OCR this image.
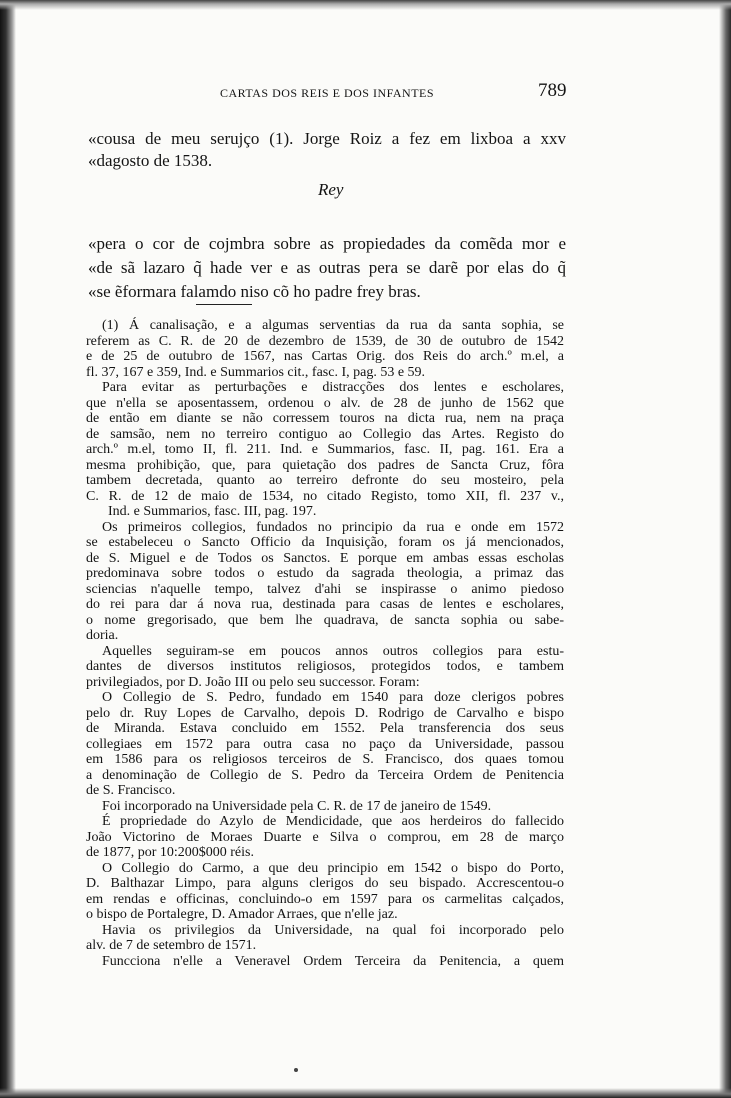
CARTAS DOS REIS E DOS INFANTES	789
«cousa de meu serujço (1). Jorge Roiz a fez em lixboa a xxv
«dagosto de 1538.
Rey
«pera o cor de cojmbra sobre as propiedades da comẽda mor e
«de sã lazaro q̃ hade ver e as outras pera se darẽ por elas do q̃
«se ẽformara falamdo niso cõ ho padre frey bras.
(1) Á canalisação, e a algumas serventias da rua da santa sophia, se
referem as C. R. de 20 de dezembro de 1539, de 30 de outubro de 1542
e de 25 de outubro de 1567, nas Cartas Orig. dos Reis do arch.º m.el, a
fl. 37, 167 e 359, Ind. e Summarios cit., fasc. I, pag. 53 e 59.
Para evitar as perturbações e distracções dos lentes e escholares,
que n'ella se aposentassem, ordenou o alv. de 28 de junho de 1562 que
de então em diante se não corressem touros na dicta rua, nem na praça
de samsão, nem no terreiro contiguo ao Collegio das Artes. Registo do
arch.º m.el, tomo II, fl. 211. Ind. e Summarios, fasc. II, pag. 161. Era a
mesma prohibição, que, para quietação dos padres de Sancta Cruz, fôra
tambem decretada, quanto ao terreiro defronte do seu mosteiro, pela
C. R. de 12 de maio de 1534, no citado Registo, tomo XII, fl. 237 v.,
Ind. e Summarios, fasc. III, pag. 197.
Os primeiros collegios, fundados no principio da rua e onde em 1572
se estabeleceu o Sancto Officio da Inquisição, foram os já mencionados,
de S. Miguel e de Todos os Sanctos. E porque em ambas essas escholas
predominava sobre todos o estudo da sagrada theologia, a primaz das
sciencias n'aquelle tempo, talvez d'ahi se inspirasse o animo piedoso
do rei para dar á nova rua, destinada para casas de lentes e escholares,
o nome gregorisado, que bem lhe quadrava, de sancta sophia ou sabe-
doria.
Aquelles seguiram-se em poucos annos outros collegios para estu-
dantes de diversos institutos religiosos, protegidos todos, e tambem
privilegiados, por D. João III ou pelo seu successor. Foram:
O Collegio de S. Pedro, fundado em 1540 para doze clerigos pobres
pelo dr. Ruy Lopes de Carvalho, depois D. Rodrigo de Carvalho e bispo
de Miranda. Estava concluido em 1552. Pela transferencia dos seus
collegiaes em 1572 para outra casa no paço da Universidade, passou
em 1586 para os religiosos terceiros de S. Francisco, dos quaes tomou
a denominação de Collegio de S. Pedro da Terceira Ordem de Penitencia
de S. Francisco.
Foi incorporado na Universidade pela C. R. de 17 de janeiro de 1549.
É propriedade do Azylo de Mendicidade, que aos herdeiros do fallecido
João Victorino de Moraes Duarte e Silva o comprou, em 28 de março
de 1877, por 10:200$000 réis.
O Collegio do Carmo, a que deu principio em 1542 o bispo do Porto,
D. Balthazar Limpo, para alguns clerigos do seu bispado. Accrescentou-o
em rendas e officinas, concluindo-o em 1597 para os carmelitas calçados,
o bispo de Portalegre, D. Amador Arraes, que n'elle jaz.
Havia os privilegios da Universidade, na qual foi incorporado pelo
alv. de 7 de setembro de 1571.
Funcciona n'elle a Veneravel Ordem Terceira da Penitencia, a quem
